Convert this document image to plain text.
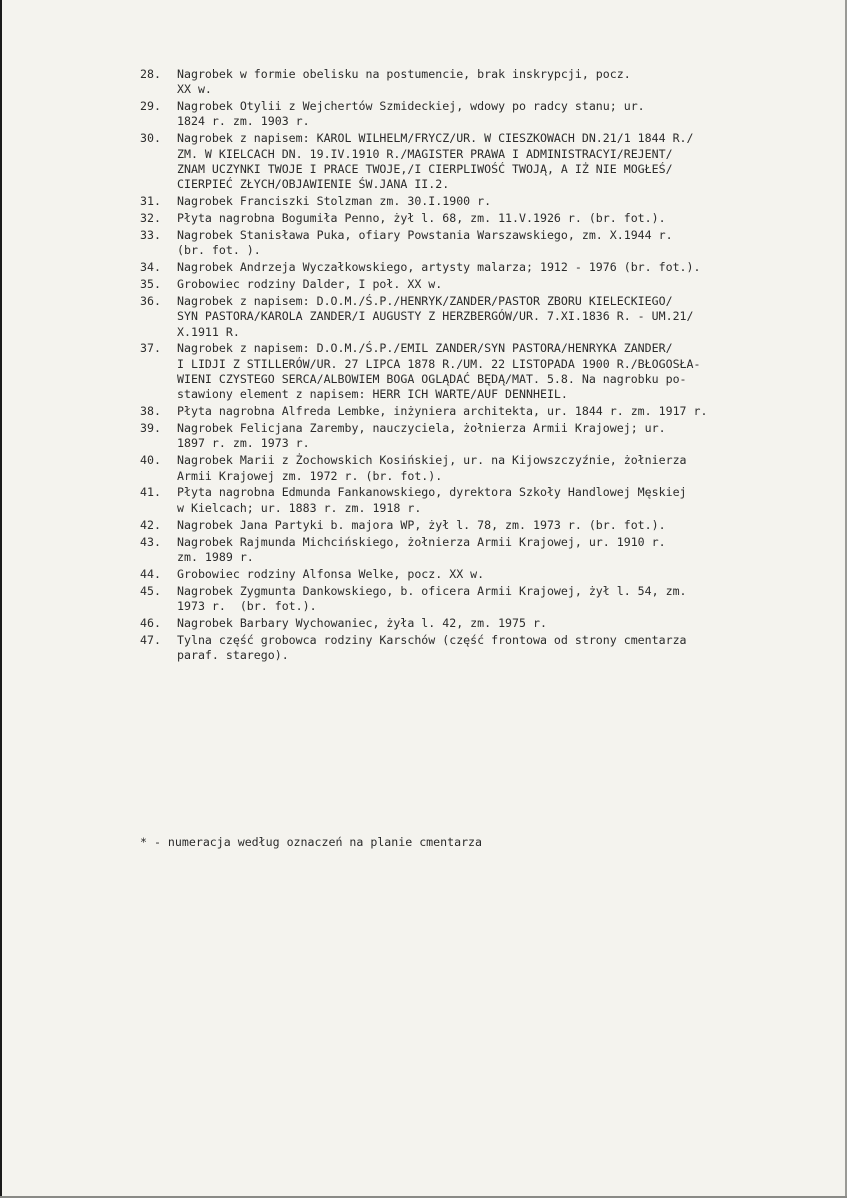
28.	Nagrobek w formie obelisku na postumencie, brak inskrypcji, pocz.
XX w.
29.	Nagrobek Otylii z Wejchertów Szmideckiej, wdowy po radcy stanu; ur.
1824 r. zm. 1903 r.
30.	Nagrobek z napisem: KAROL WILHELM/FRYCZ/UR. W CIESZKOWACH DN.21/1 1844 R./
ZM. W KIELCACH DN. 19.IV.1910 R./MAGISTER PRAWA I ADMINISTRACYI/REJENT/
ZNAM UCZYNKI TWOJE I PRACE TWOJE,/I CIERPLIWOŚĆ TWOJĄ, A IŻ NIE MOGŁEŚ/
CIERPIEĆ ZŁYCH/OBJAWIENIE ŚW.JANA II.2.
31.	Nagrobek Franciszki Stolzman zm. 30.I.1900 r.
32.	Płyta nagrobna Bogumiła Penno, żył l. 68, zm. 11.V.1926 r. (br. fot.).
33.	Nagrobek Stanisława Puka, ofiary Powstania Warszawskiego, zm. X.1944 r.
(br. fot. ).
34.	Nagrobek Andrzeja Wyczałkowskiego, artysty malarza; 1912 - 1976 (br. fot.).
35.	Grobowiec rodziny Dalder, I poł. XX w.
36.	Nagrobek z napisem: D.O.M./Ś.P./HENRYK/ZANDER/PASTOR ZBORU KIELECKIEGO/
SYN PASTORA/KAROLA ZANDER/I AUGUSTY Z HERZBERGÓW/UR. 7.XI.1836 R. - UM.21/
X.1911 R.
37.	Nagrobek z napisem: D.O.M./Ś.P./EMIL ZANDER/SYN PASTORA/HENRYKA ZANDER/
I LIDJI Z STILLERÓW/UR. 27 LIPCA 1878 R./UM. 22 LISTOPADA 1900 R./BŁOGOSŁA-
WIENI CZYSTEGO SERCA/ALBOWIEM BOGA OGLĄDAĆ BĘDĄ/MAT. 5.8. Na nagrobku po-
stawiony element z napisem: HERR ICH WARTE/AUF DENNHEIL.
38.	Płyta nagrobna Alfreda Lembke, inżyniera architekta, ur. 1844 r. zm. 1917 r.
39.	Nagrobek Felicjana Zaremby, nauczyciela, żołnierza Armii Krajowej; ur.
1897 r. zm. 1973 r.
40.	Nagrobek Marii z Żochowskich Kosińskiej, ur. na Kijowszczyźnie, żołnierza
Armii Krajowej zm. 1972 r. (br. fot.).
41.	Płyta nagrobna Edmunda Fankanowskiego, dyrektora Szkoły Handlowej Męskiej
w Kielcach; ur. 1883 r. zm. 1918 r.
42.	Nagrobek Jana Partyki b. majora WP, żył l. 78, zm. 1973 r. (br. fot.).
43.	Nagrobek Rajmunda Michcińskiego, żołnierza Armii Krajowej, ur. 1910 r.
zm. 1989 r.
44.	Grobowiec rodziny Alfonsa Welke, pocz. XX w.
45.	Nagrobek Zygmunta Dankowskiego, b. oficera Armii Krajowej, żył l. 54, zm.
1973 r.  (br. fot.).
46.	Nagrobek Barbary Wychowaniec, żyła l. 42, zm. 1975 r.
47.	Tylna część grobowca rodziny Karschów (część frontowa od strony cmentarza
paraf. starego).
* - numeracja według oznaczeń na planie cmentarza
